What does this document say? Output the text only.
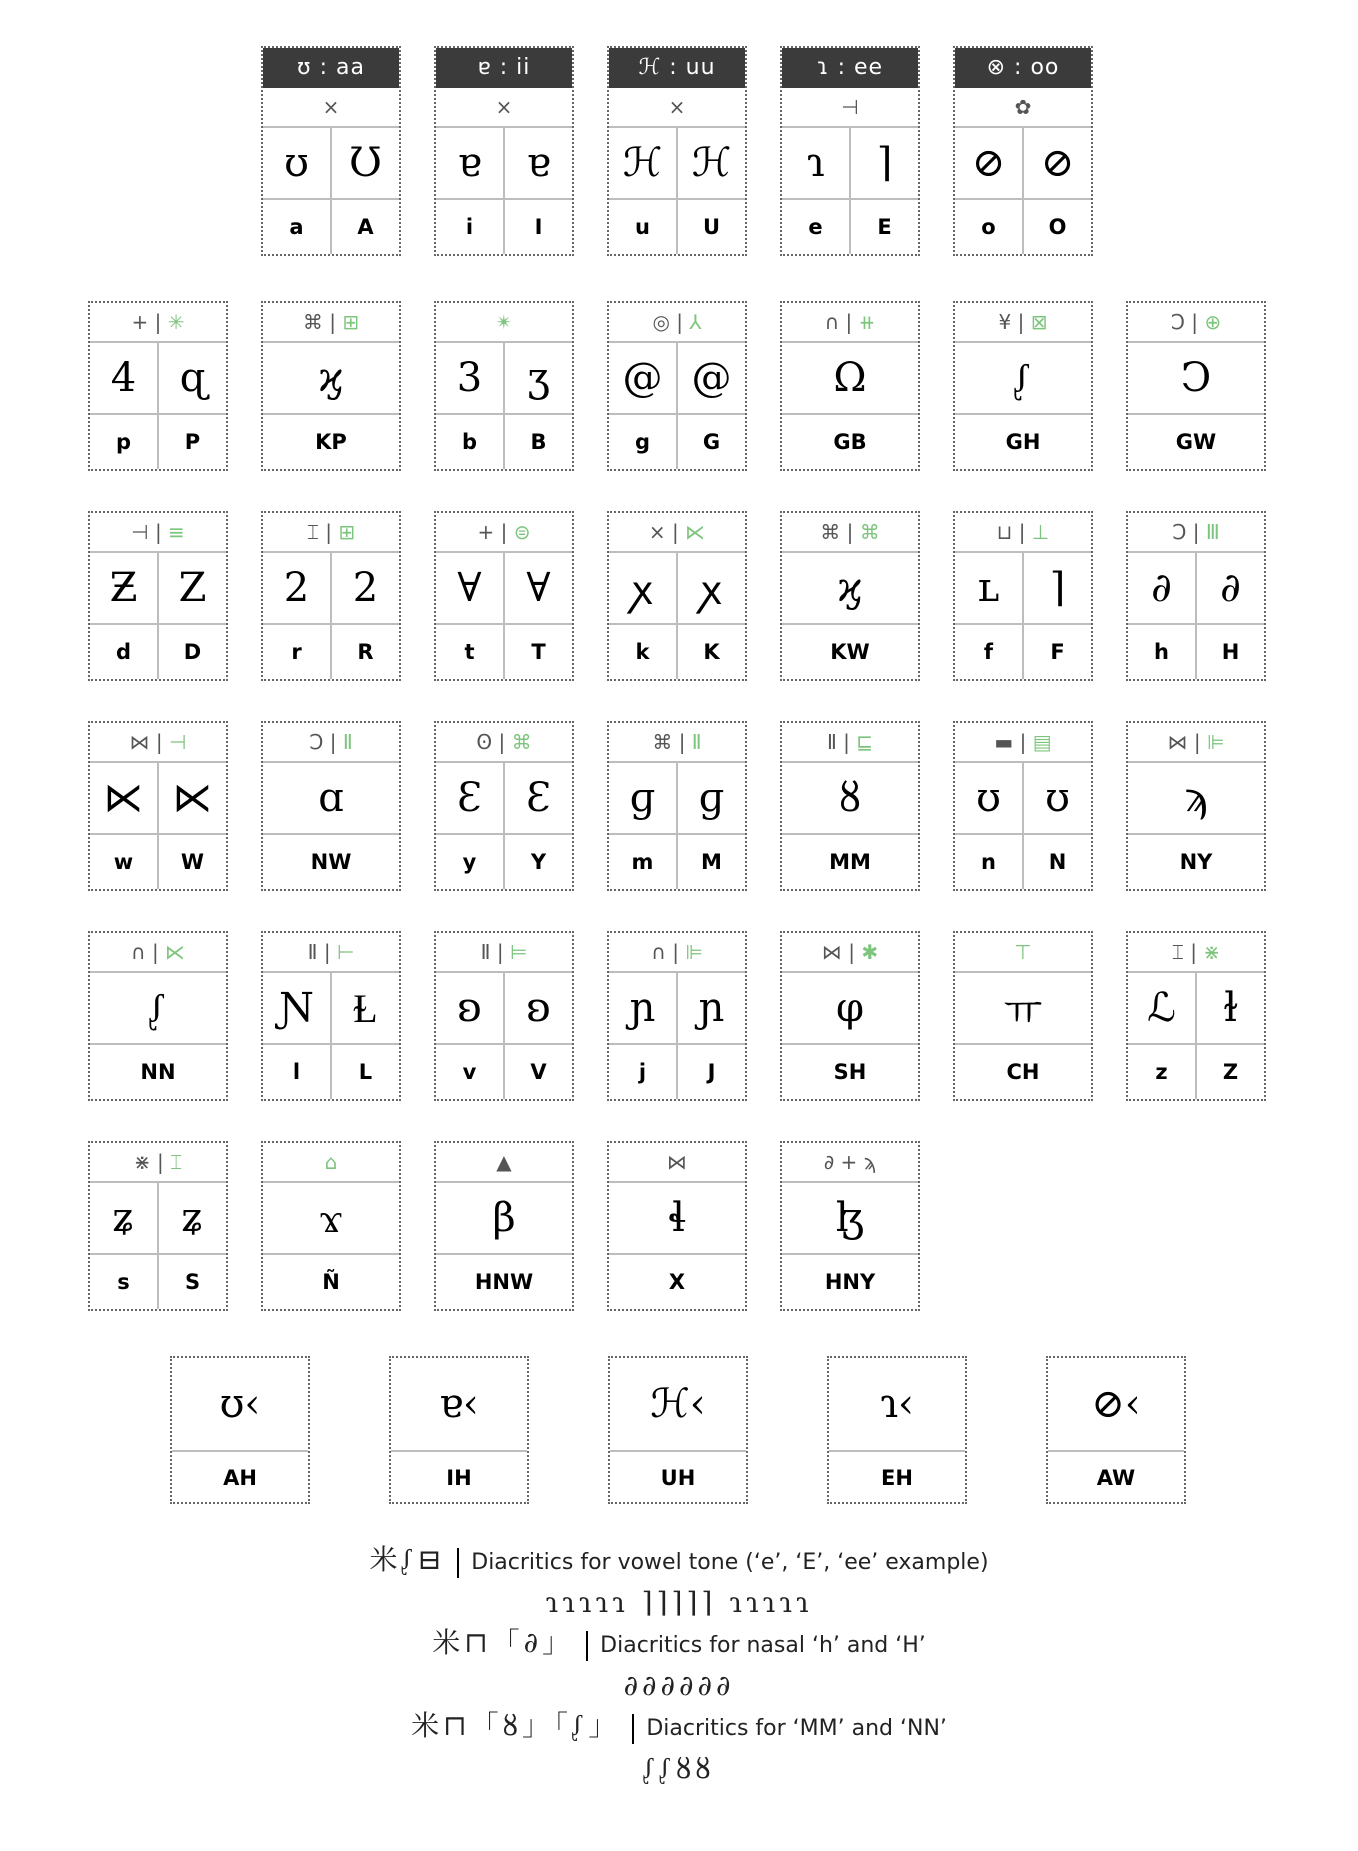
ʊ : aa
×
ʊ	Ʊ
a	A
ɐ : ii
×
ɐ	ɐ
i	I
ℋ : uu
×
ℋ ℋ
u	U
ɿ : ee
⊣
ɿ	⌉
e	E
⊗ : oo
✿
⊘ ⊘
o	O
+ | ✳
4	ɋ
p	P
⌘ | ⊞
ϗ
KP
✴
3	ʒ
b	B
◎ | ⅄
@ @
g	G
∩ | ⧺
Ω
GB
¥ | ⊠
ᶘ
GH
Ͻ | ⊕
Ͻ
GW
⊣ | ≡
Ƶ	Z
d	D
⌶ | ⊞
2	2
r	R
+ | ⊜
∀	∀
t	T
× | ⋉
ꭗ	ꭗ
k	K
⌘ | ⌘
ϗ
KW
⊔ | ⊥
ʟ	⌉
f	F
Ͻ | Ⅲ
∂	∂
h	H
⋈ | ⊣
⋉ ⋉
w	W
Ͻ | Ⅱ
ɑ
NW
Ꙩ | ⌘
Ɛ	Ɛ
y	Y
⌘ | Ⅱ
ɡ	ɡ
m	M
Ⅱ | ⊑
ȣ
MM
▬ | ▤
ʊ	ʊ
n	N
⋈ | ⊫
ϡ
NY
∩ | ⋉
ᶘ
NN
Ⅱ | ⊢
Ɲ Ɫ
l	L
Ⅱ | ⊨
ʚ	ʚ
v	V
∩ | ⊫
ɲ	ɲ
j	J
⋈ | ✱
φ
SH
⊤
ㅠ
CH
⌶ | ⋇
ℒ	ɫ
z	Z
⋇ | ⌶
ʑ	ʑ
s	S
⌂
ϫ
Ñ
▲
β
HNW
⋈
ɬ
X
∂ + ϡ
ɮ
HNY
ʊ‹
AH
ɐ‹
IH
ℋ‹
UH
ɿ‹
EH
⊘‹
AW
米ᶘ⊟ Diacritics for vowel tone (‘e’, ‘E’, ‘ee’ example)
ɿɿɿɿɿ ⌉⌉⌉⌉⌉ ɿɿɿɿɿ
米⊓「∂」 Diacritics for nasal ‘h’ and ‘H’
∂∂∂∂∂∂
米⊓「ȣ」「ᶘ」 Diacritics for ‘MM’ and ‘NN’
ᶘᶘȣȣ
